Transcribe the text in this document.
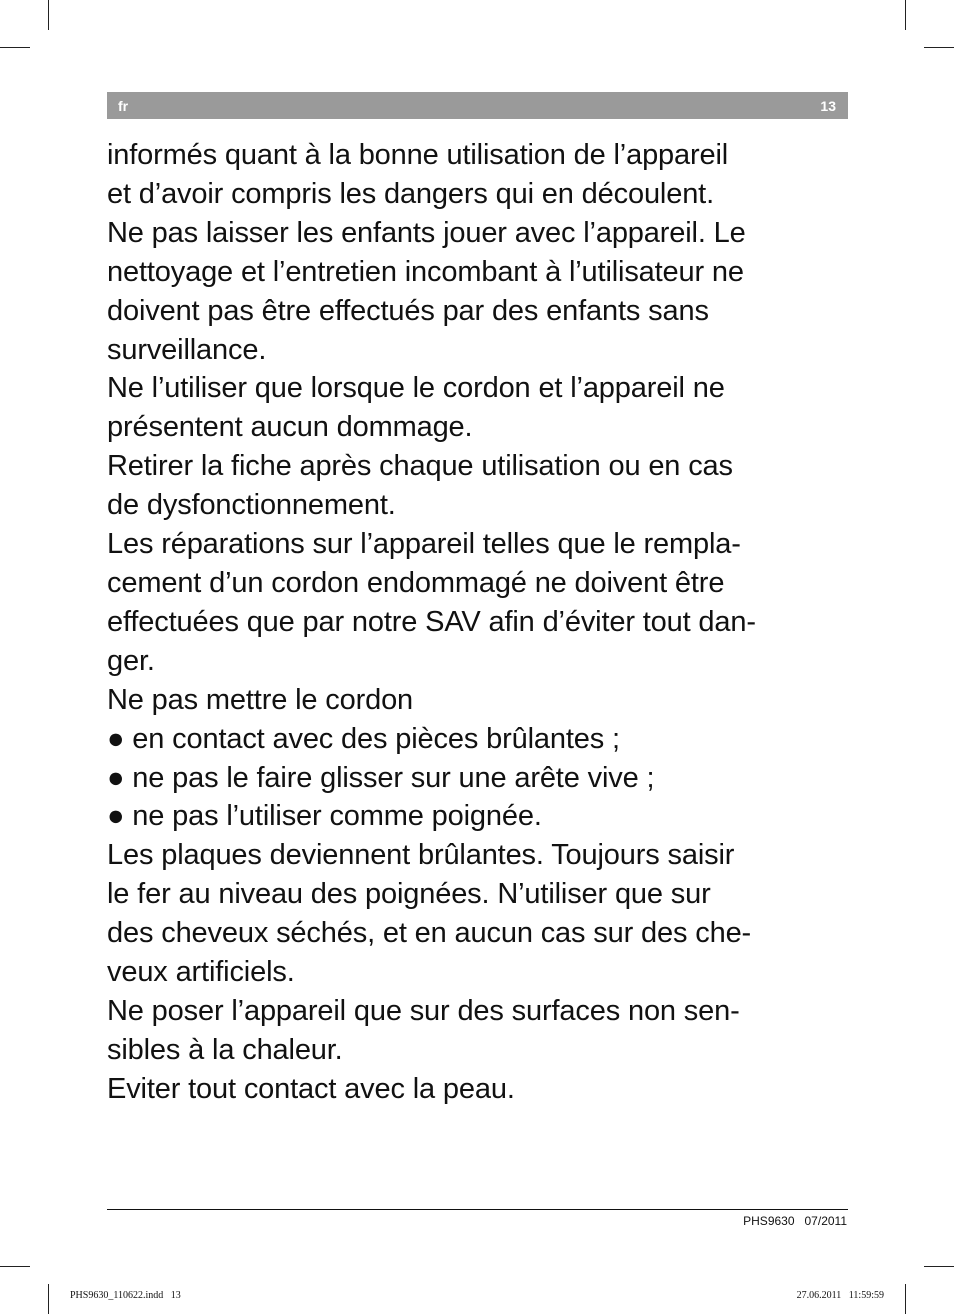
fr	13
informés quant à la bonne utilisation de l’appareil
et d’avoir compris les dangers qui en découlent.
Ne pas laisser les enfants jouer avec l’appareil. Le
nettoyage et l’entretien incombant à l’utilisateur ne
doivent pas être effectués par des enfants sans
surveillance.
Ne l’utiliser que lorsque le cordon et l’appareil ne
présentent aucun dommage.
Retirer la fiche après chaque utilisation ou en cas
de dysfonctionnement.
Les réparations sur l’appareil telles que le rempla-
cement d’un cordon endommagé ne doivent être
effectuées que par notre SAV afin d’éviter tout dan-
ger.
Ne pas mettre le cordon
● en contact avec des pièces brûlantes ;
● ne pas le faire glisser sur une arête vive ;
● ne pas l’utiliser comme poignée.
Les plaques deviennent brûlantes. Toujours saisir
le fer au niveau des poignées. N’utiliser que sur
des cheveux séchés, et en aucun cas sur des che-
veux artificiels.
Ne poser l’appareil que sur des surfaces non sen-
sibles à la chaleur.
Eviter tout contact avec la peau.
PHS9630   07/2011
PHS9630_110622.indd   13	27.06.2011   11:59:59
